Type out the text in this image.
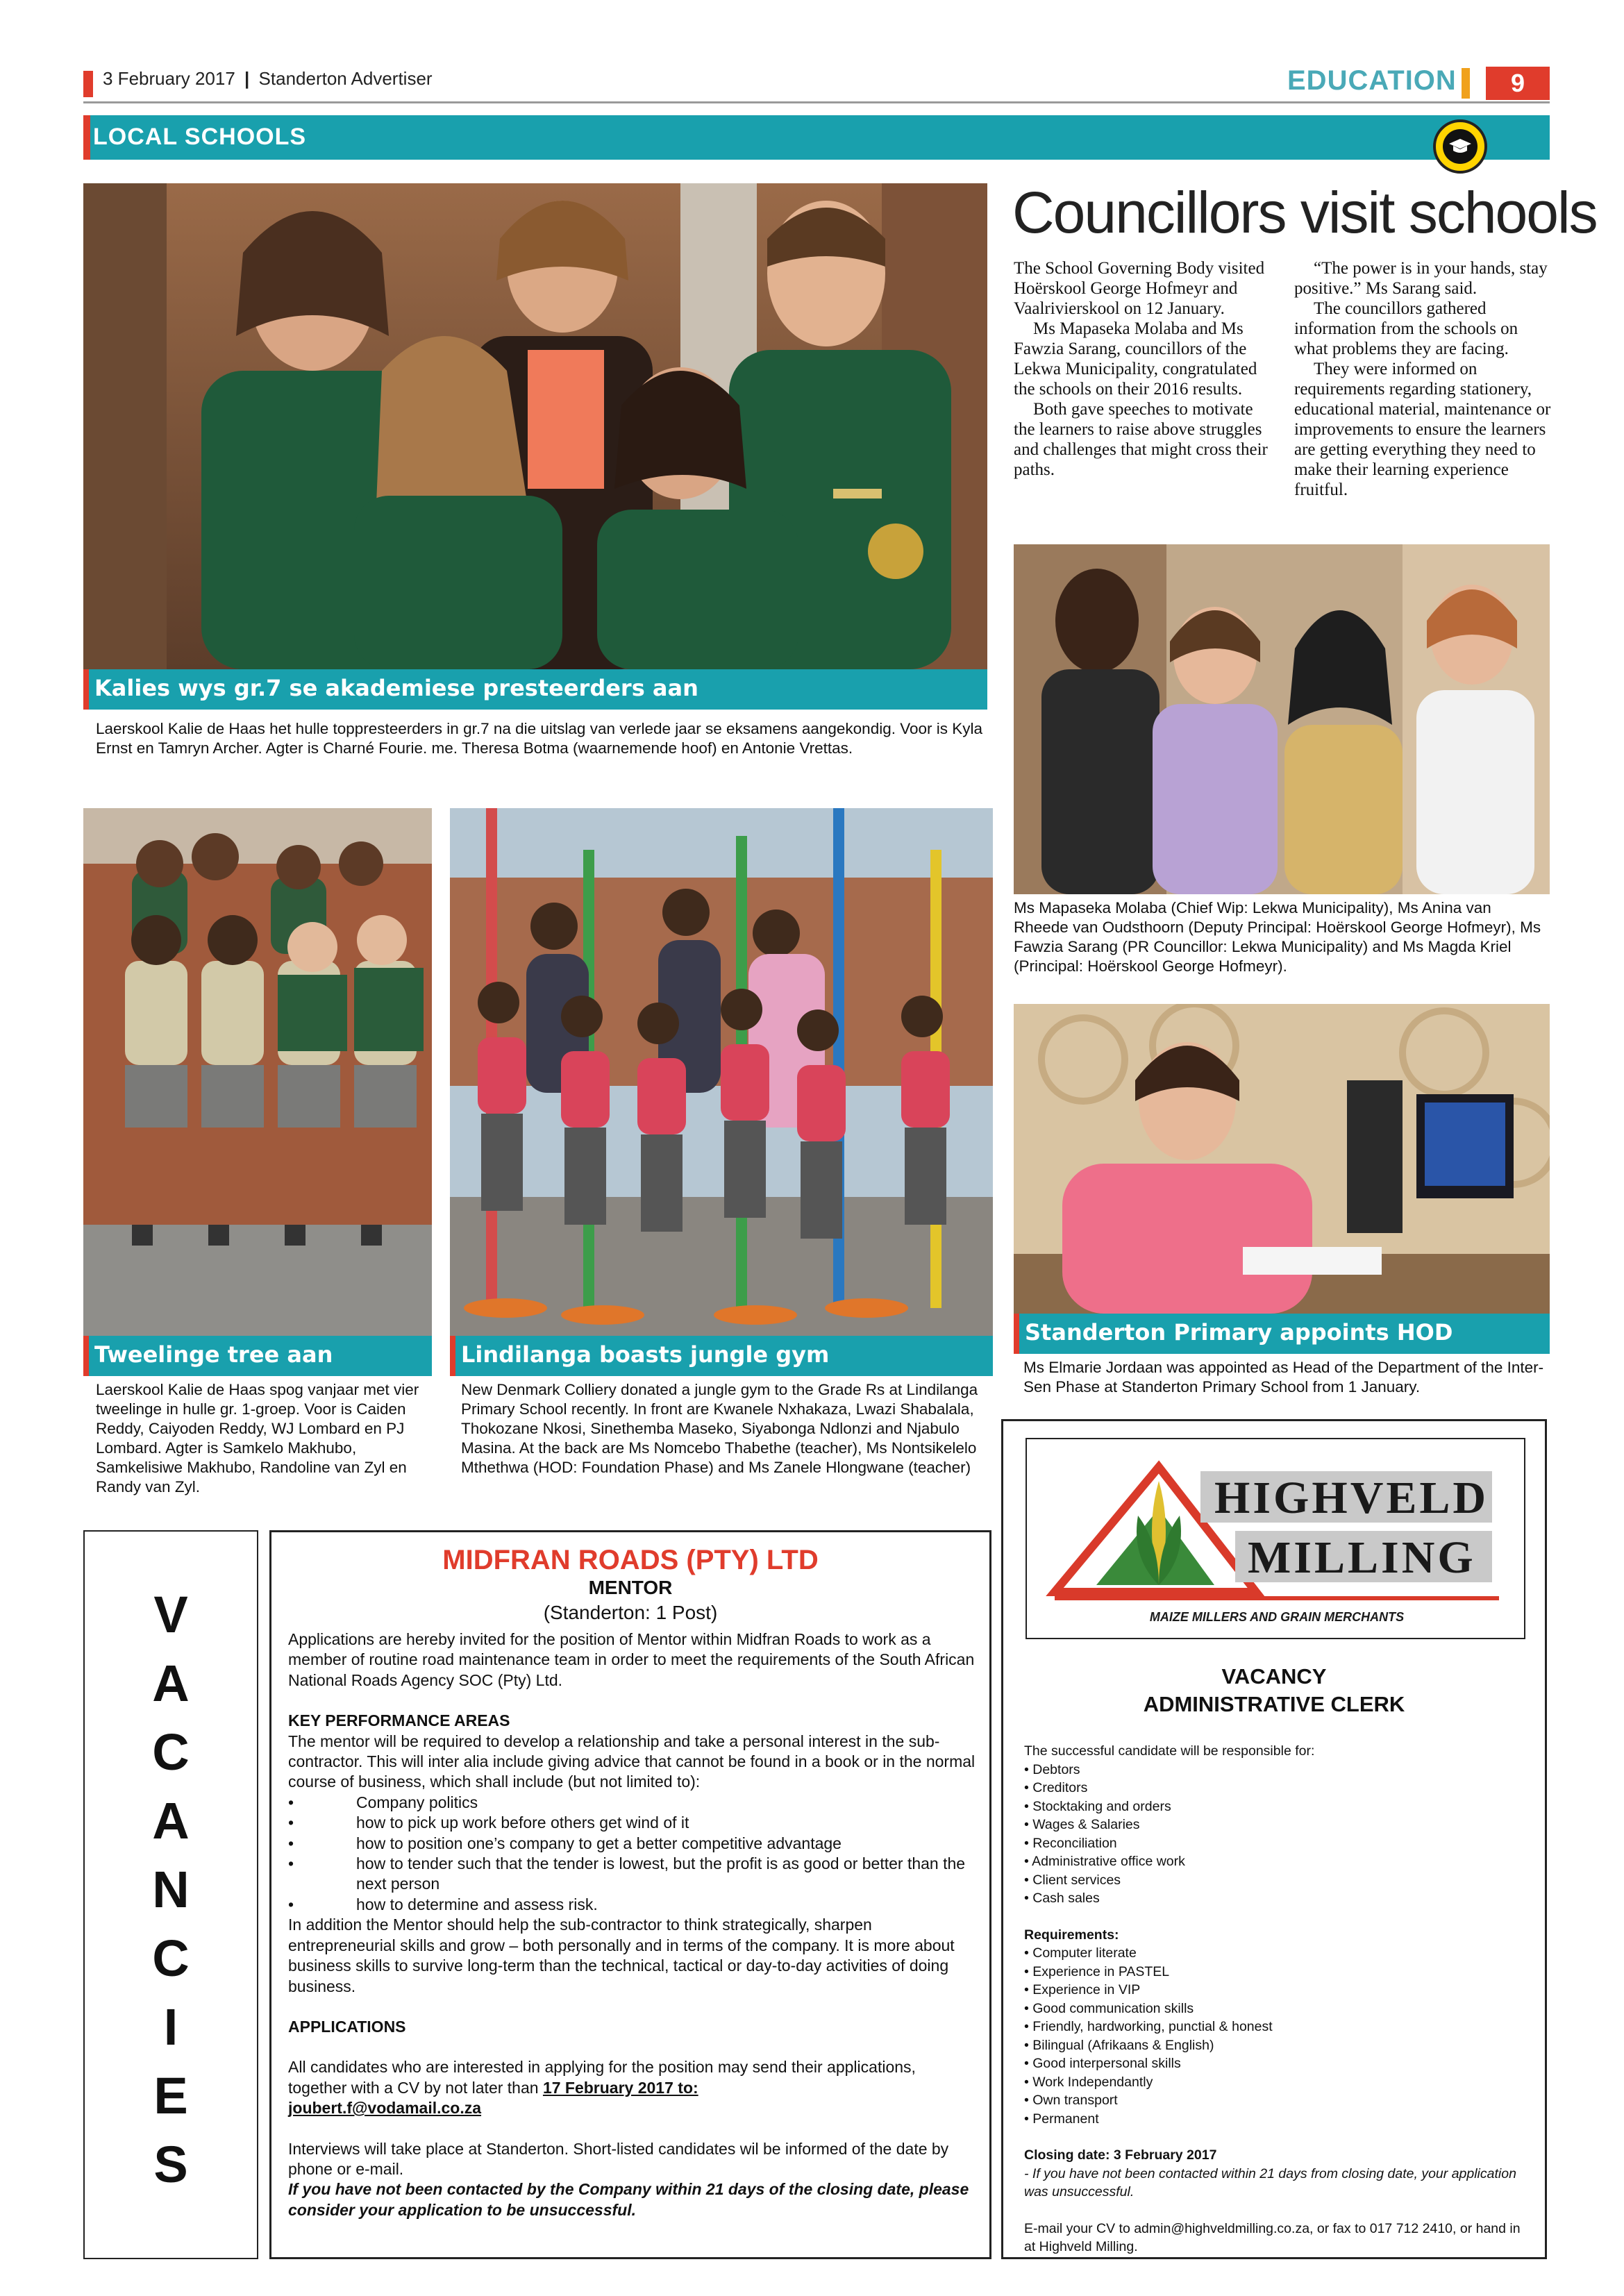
3 February 2017 | Standerton Advertiser	EDUCATION	9
LOCAL SCHOOLS
Kalies wys gr.7 se akademiese presteerders aan
Laerskool Kalie de Haas het hulle toppresteerders in gr.7 na die uitslag van verlede jaar se eksamens aangekondig. Voor is Kyla Ernst en Tamryn Archer. Agter is Charné Fourie. me. Theresa Botma (waarnemende hoof) en Antonie Vrettas.
Tweelinge tree aan
Laerskool Kalie de Haas spog vanjaar met vier tweelinge in hulle gr. 1-groep. Voor is Caiden Reddy, Caiyoden Reddy, WJ Lombard en PJ Lombard. Agter is Samkelo Makhubo, Samkelisiwe Makhubo, Randoline van Zyl en Randy van Zyl.
Lindilanga boasts jungle gym
New Denmark Colliery donated a jungle gym to the Grade Rs at Lindilanga Primary School recently. In front are Kwanele Nxhakaza, Lwazi Shabalala, Thokozane Nkosi, Sinethemba Maseko, Siyabonga Ndlonzi and Njabulo Masina. At the back are Ms Nomcebo Thabethe (teacher), Ms Nontsikelelo Mthethwa (HOD: Foundation Phase) and Ms Zanele Hlongwane (teacher)
Councillors visit schools

The School Governing Body visited Hoërskool George Hofmeyr and Vaalrivierskool on 12 January.

Ms Mapaseka Molaba and Ms Fawzia Sarang, councillors of the Lekwa Municipality, congratulated the schools on their 2016 results.

Both gave speeches to motivate the learners to raise above struggles and challenges that might cross their paths.

“The power is in your hands, stay positive.” Ms Sarang said.

The councillors gathered information from the schools on what problems they are facing.

They were informed on requirements regarding stationery, educational material, maintenance or improvements to ensure the learners are getting everything they need to make their learning experience fruitful.

Ms Mapaseka Molaba (Chief Wip: Lekwa Municipality), Ms Anina van Rheede van Oudsthoorn (Deputy Principal: Hoërskool George Hofmeyr), Ms Fawzia Sarang (PR Councillor: Lekwa Municipality) and Ms Magda Kriel (Principal: Hoërskool George Hofmeyr).
Standerton Primary appoints HOD
Ms Elmarie Jordaan was appointed as Head of the Department of the Inter-Sen Phase at Standerton Primary School from 1 January.
V
A
C
A
N
C
I
E
S
MIDFRAN ROADS (PTY) LTD
MENTOR
(Standerton: 1 Post)

Applications are hereby invited for the position of Mentor within Midfran Roads to work as a member of routine road maintenance team in order to meet the requirements of the South African National Roads Agency SOC (Pty) Ltd.

KEY PERFORMANCE AREAS

The mentor will be required to develop a relationship and take a personal interest in the sub-contractor. This will inter alia include giving advice that cannot be found in a book or in the normal course of business, which shall include (but not limited to):

•	Company politics
•	how to pick up work before others get wind of it
•	how to position one’s company to get a better competitive advantage
•	how to tender such that the tender is lowest, but the profit is as good or better than the next person
•	how to determine and assess risk.

In addition the Mentor should help the sub-contractor to think strategically, sharpen entrepreneurial skills and grow – both personally and in terms of the company. It is more about business skills to survive long-term than the technical, tactical or day-to-day activities of doing business.

APPLICATIONS

All candidates who are interested in applying for the position may send their applications, together with a CV by not later than 17 February 2017 to:
joubert.f@vodamail.co.za

Interviews will take place at Standerton. Short-listed candidates wil be informed of the date by phone or e-mail.

If you have not been contacted by the Company within 21 days of the closing date, please consider your application to be unsuccessful.

HIGHVELD
MILLING
MAIZE MILLERS AND GRAIN MERCHANTS
VACANCY
ADMINISTRATIVE CLERK

The successful candidate will be responsible for:

• Debtors
• Creditors
• Stocktaking and orders
• Wages & Salaries
• Reconciliation
• Administrative office work
• Client services
• Cash sales

Requirements:

• Computer literate
• Experience in PASTEL
• Experience in VIP
• Good communication skills
• Friendly, hardworking, punctial & honest
• Bilingual (Afrikaans & English)
• Good interpersonal skills
• Work Independantly
• Own transport
• Permanent

Closing date: 3 February 2017

- If you have not been contacted within 21 days from closing date, your application was unsuccessful.

E-mail your CV to admin@highveldmilling.co.za, or fax to 017 712 2410, or hand in at Highveld Milling.
